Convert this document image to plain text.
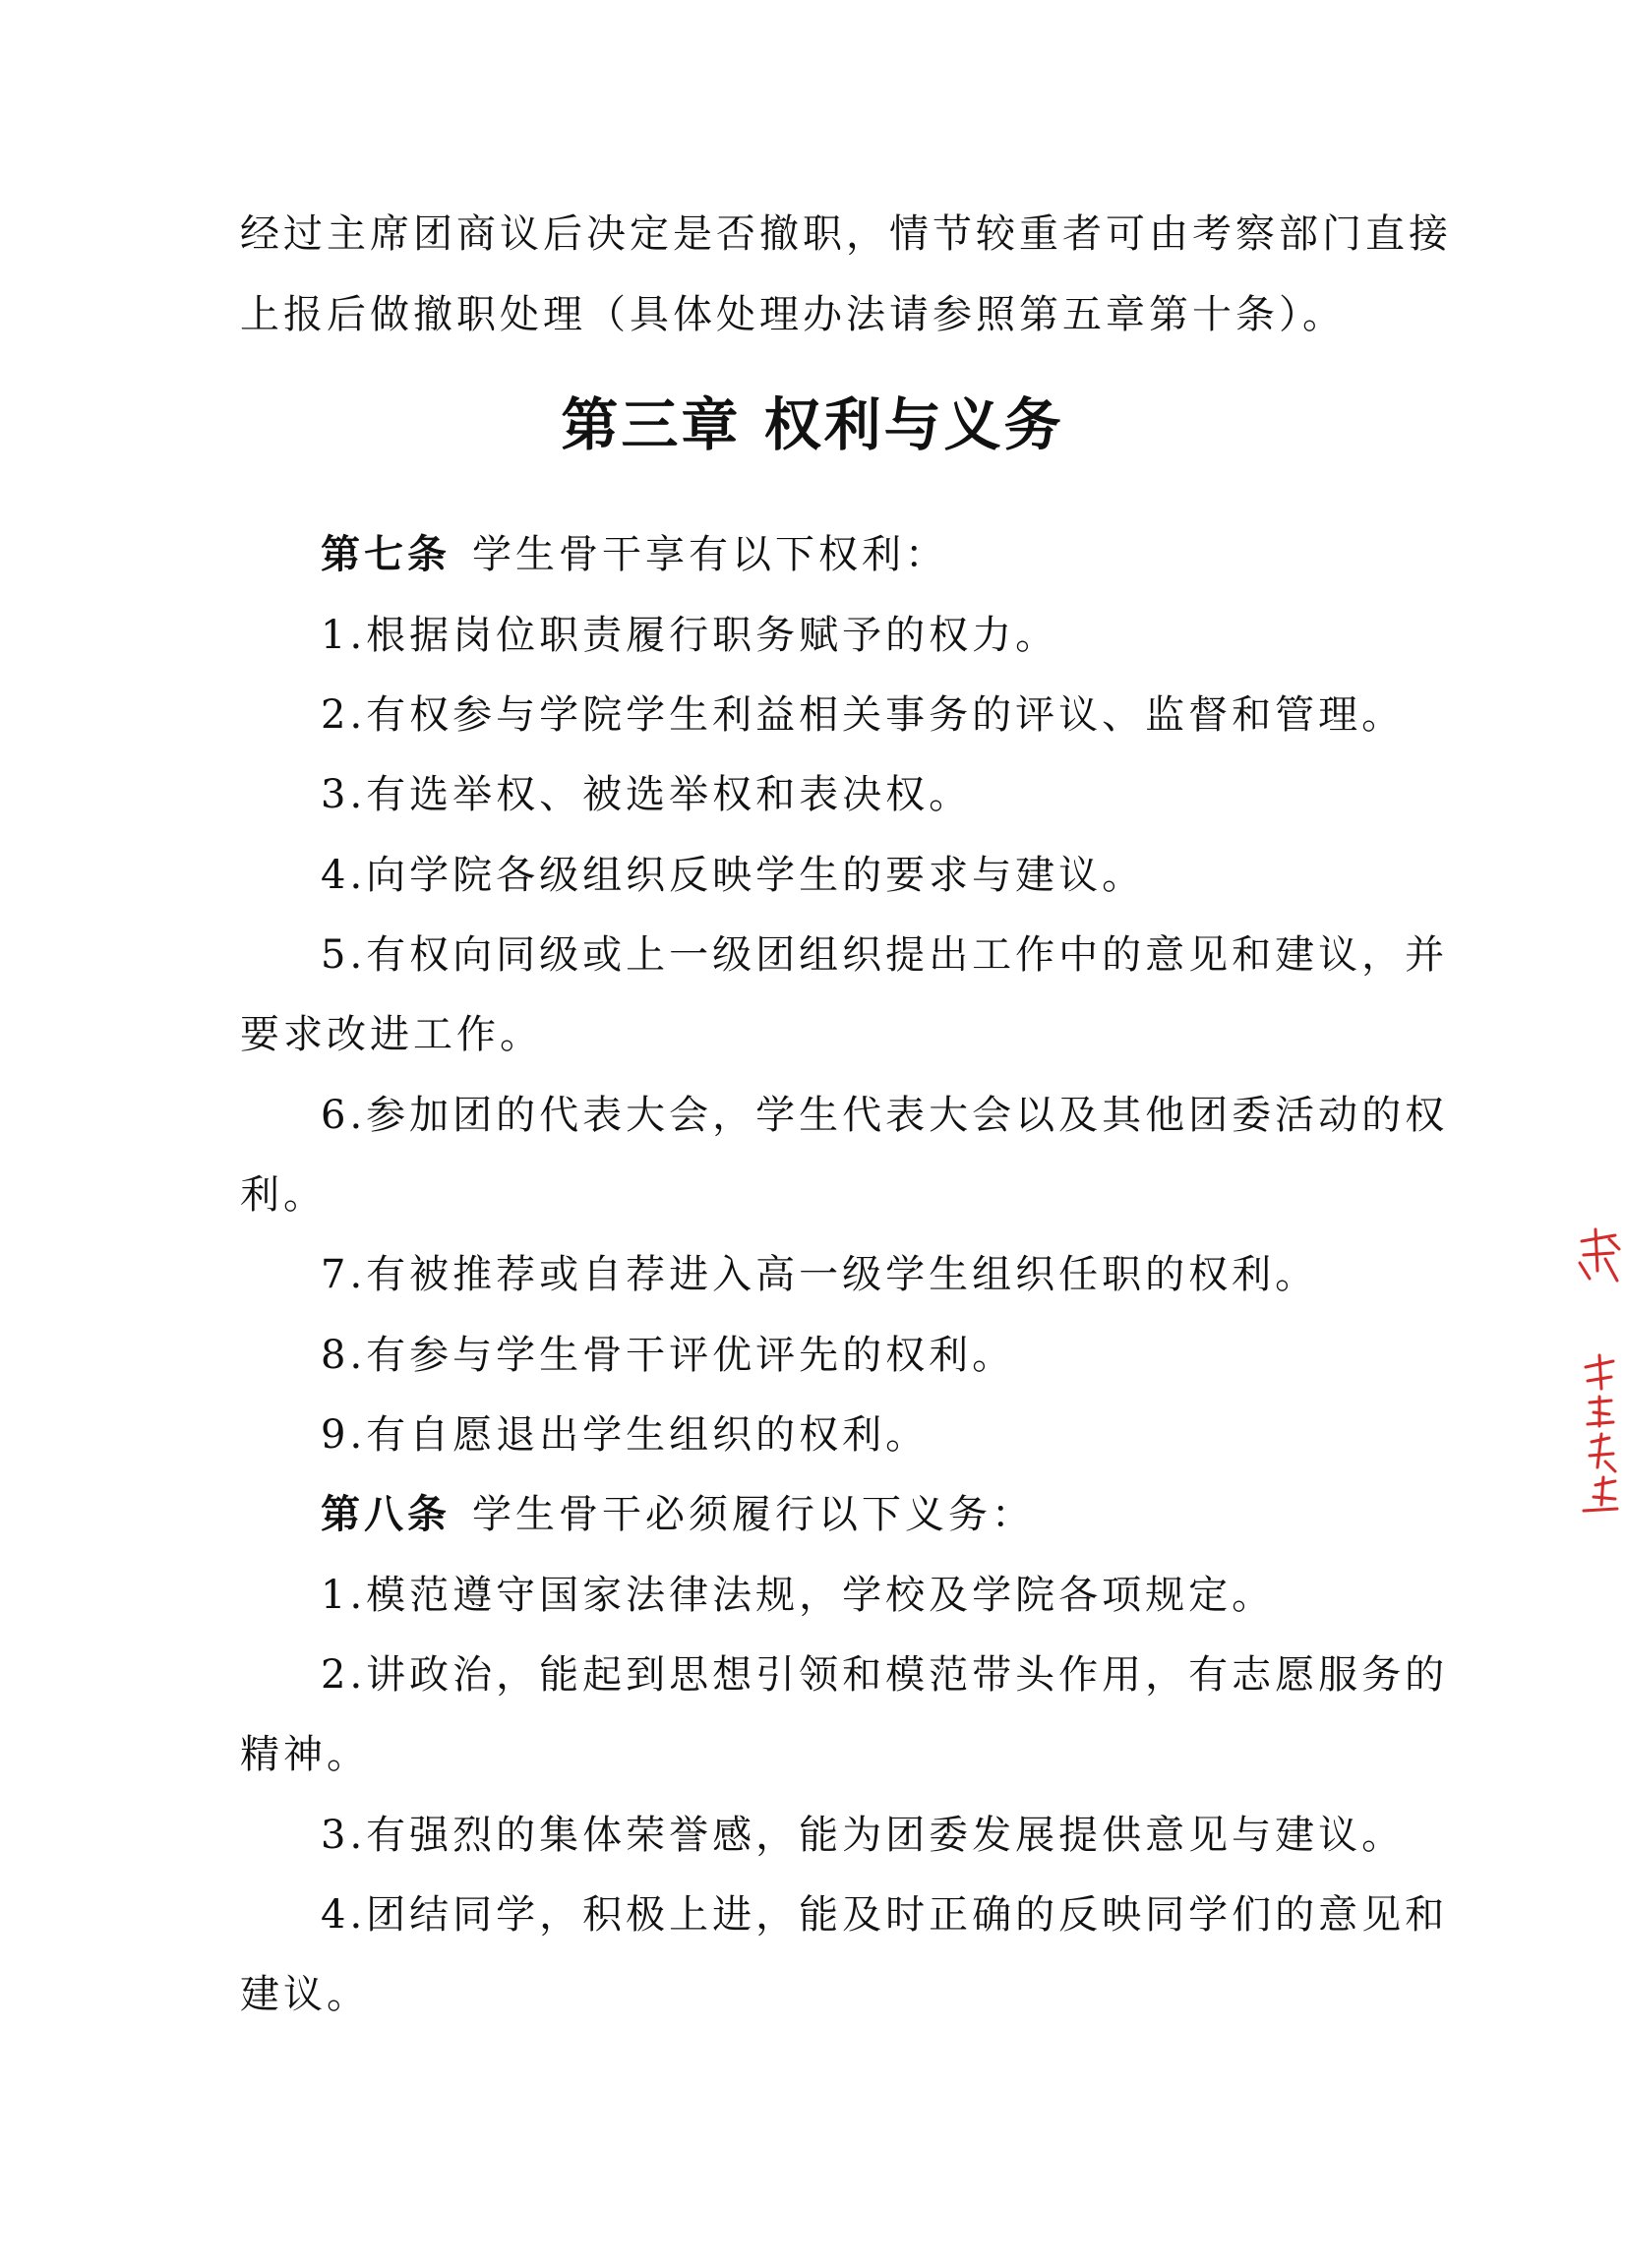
经过主席团商议后决定是否撤职，情节较重者可由考察部门直接
上报后做撤职处理（具体处理办法请参照第五章第十条）。
第三章 权利与义务
第七条 学生骨干享有以下权利：
1.根据岗位职责履行职务赋予的权力。
2.有权参与学院学生利益相关事务的评议、监督和管理。
3.有选举权、被选举权和表决权。
4.向学院各级组织反映学生的要求与建议。
5.有权向同级或上一级团组织提出工作中的意见和建议，并
要求改进工作。
6.参加团的代表大会，学生代表大会以及其他团委活动的权
利。
7.有被推荐或自荐进入高一级学生组织任职的权利。
8.有参与学生骨干评优评先的权利。
9.有自愿退出学生组织的权利。
第八条 学生骨干必须履行以下义务：
1.模范遵守国家法律法规，学校及学院各项规定。
2.讲政治，能起到思想引领和模范带头作用，有志愿服务的
精神。
3.有强烈的集体荣誉感，能为团委发展提供意见与建议。
4.团结同学，积极上进，能及时正确的反映同学们的意见和
建议。
